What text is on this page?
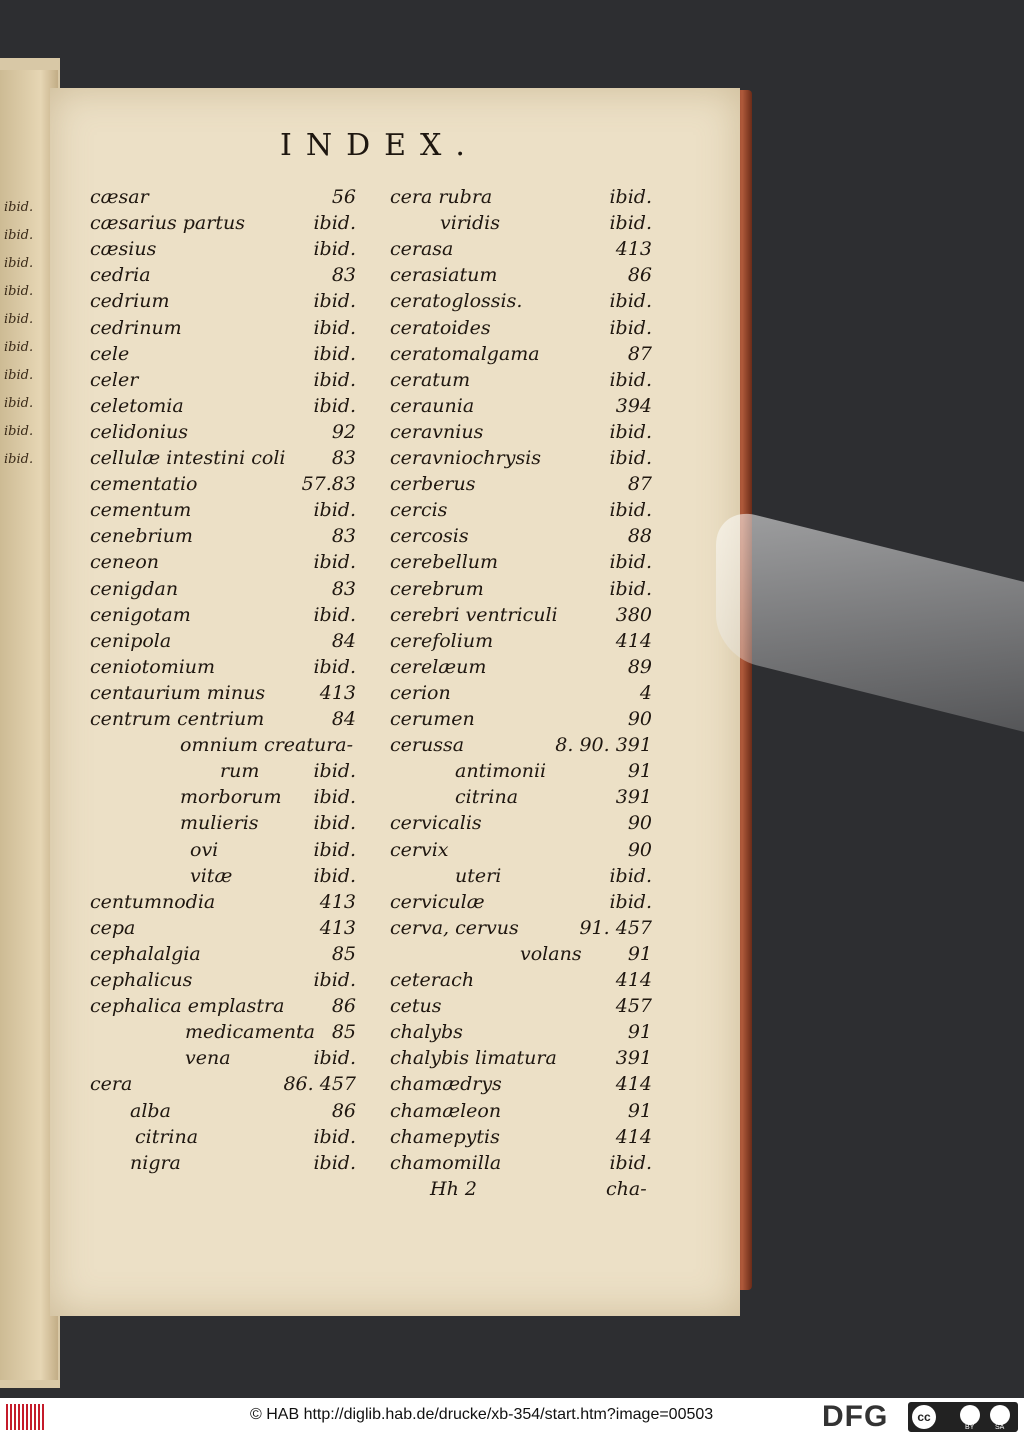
ibid.
ibid.
ibid.
ibid.
ibid.
ibid.
ibid.
ibid.
ibid.
ibid.
INDEX.
cæsar	56
cæsarius partus	ibid.
cæsius	ibid.
cedria	83
cedrium	ibid.
cedrinum	ibid.
cele	ibid.
celer	ibid.
celetomia	ibid.
celidonius	92
cellulæ intestini coli 83
cementatio	57.83
cementum	ibid.
cenebrium	83
ceneon	ibid.
cenigdan	83
cenigotam	ibid.
cenipola	84
ceniotomium	ibid.
centaurium minus	413
centrum centrium	84
omnium creatura-
rum	ibid.
morborum ibid.
mulieris	ibid.
ovi	ibid.
vitæ	ibid.
centumnodia	413
cepa	413
cephalalgia	85
cephalicus	ibid.
cephalica emplastra 86
medicamenta 85
vena	ibid.
cera	86. 457
alba	86
citrina	ibid.
nigra	ibid.
cera rubra	ibid.
viridis	ibid.
cerasa	413
cerasiatum	86
ceratoglossis.	ibid.
ceratoides	ibid.
ceratomalgama	87
ceratum	ibid.
ceraunia	394
ceravnius	ibid.
ceravniochrysis	ibid.
cerberus	87
cercis	ibid.
cercosis	88
cerebellum	ibid.
cerebrum	ibid.
cerebri ventriculi	380
cerefolium	414
cerelæum	89
cerion	4
cerumen	90
cerussa	8. 90. 391
antimonii	91
citrina	391
cervicalis	90
cervix	90
uteri	ibid.
cerviculæ	ibid.
cerva, cervus	91. 457
volans 91
ceterach	414
cetus	457
chalybs	91
chalybis limatura	391
chamædrys	414
chamæleon	91
chamepytis	414
chamomilla	ibid.
Hh 2	cha-
© HAB http://diglib.hab.de/drucke/xb-354/start.htm?image=00503	DFG	cc
BY	SA
